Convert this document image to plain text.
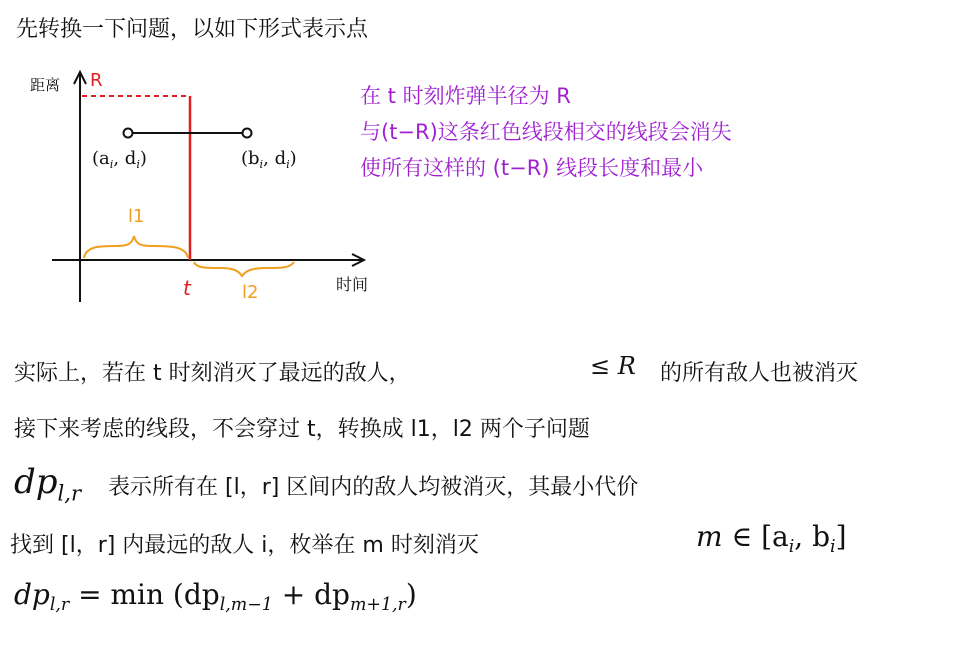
先转换一下问题，以如下形式表示点
距离 R
($a_i$, $d_i$)	($b_i$, $d_i$)
l1
t	l2	时间
在 t 时刻炸弹半径为 R
与(t−R)这条红色线段相交的线段会消失
使所有这样的 (t−R) 线段长度和最小
实际上，若在 t 时刻消灭了最远的敌人，	≤ R 的所有敌人也被消灭
接下来考虑的线段，不会穿过 t，转换成 l1，l2 两个子问题
$dp_{l,r}$ 表示所有在 [l，r] 区间内的敌人均被消灭，其最小代价
找到 [l，r] 内最远的敌人 i，枚举在 m 时刻消灭	m ∈ [$a_i$, $b_i$]
$dp_{l,r} = \min (dp_{l,m-1} + dp_{m+1,r})$
